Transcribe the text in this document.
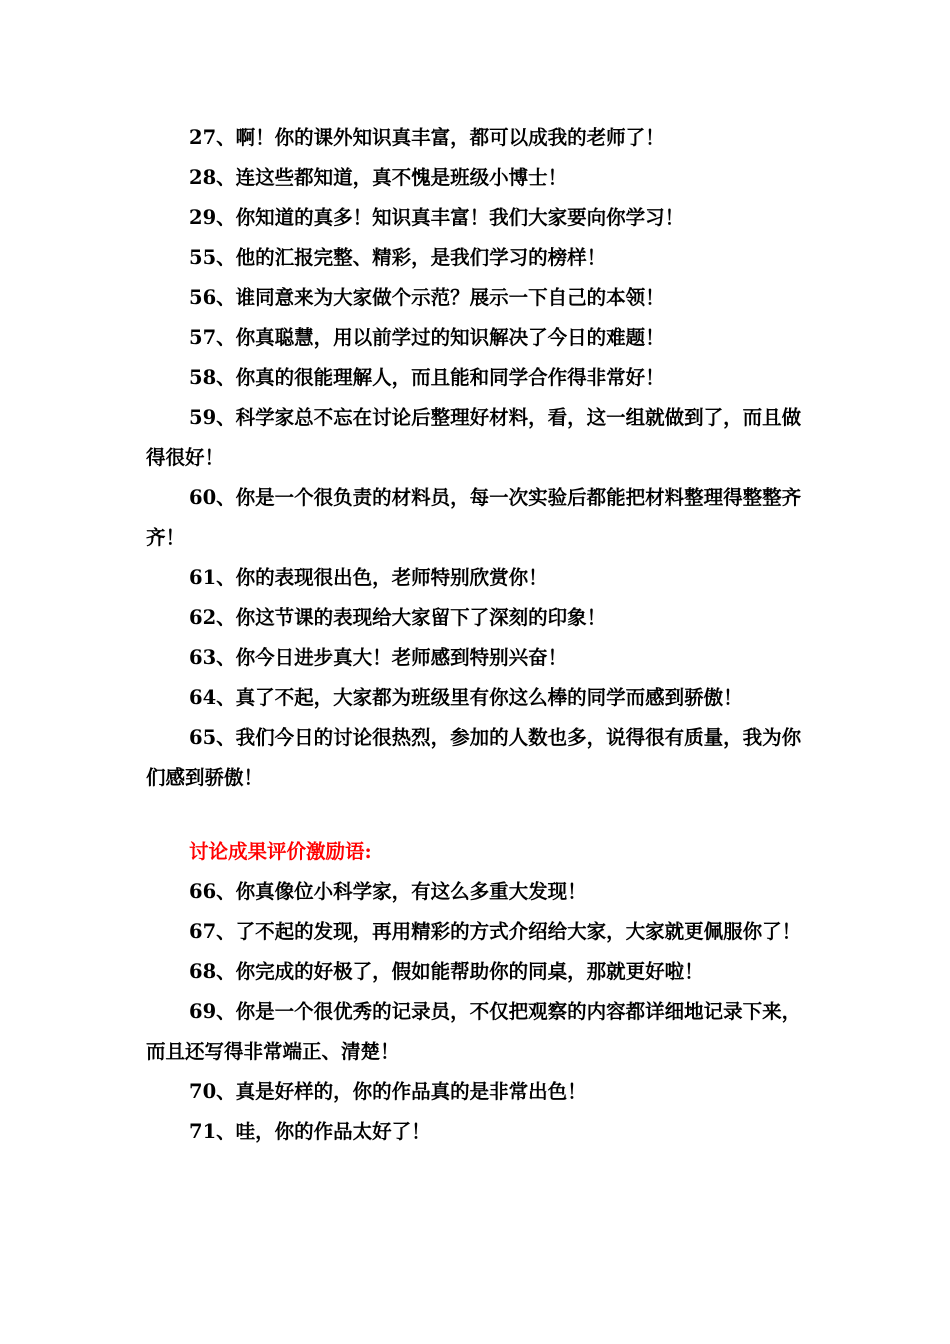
27、啊！你的课外知识真丰富，都可以成我的老师了！

28、连这些都知道，真不愧是班级小博士！

29、你知道的真多！知识真丰富！我们大家要向你学习！

55、他的汇报完整、精彩，是我们学习的榜样！

56、谁同意来为大家做个示范？展示一下自己的本领！

57、你真聪慧，用以前学过的知识解决了今日的难题！

58、你真的很能理解人，而且能和同学合作得非常好！

59、科学家总不忘在讨论后整理好材料，看，这一组就做到了，而且做得很好！

60、你是一个很负责的材料员，每一次实验后都能把材料整理得整整齐齐！

61、你的表现很出色，老师特别欣赏你！

62、你这节课的表现给大家留下了深刻的印象！

63、你今日进步真大！老师感到特别兴奋！

64、真了不起，大家都为班级里有你这么棒的同学而感到骄傲！

65、我们今日的讨论很热烈，参加的人数也多，说得很有质量，我为你们感到骄傲！

讨论成果评价激励语:

66、你真像位小科学家，有这么多重大发现！

67、了不起的发现，再用精彩的方式介绍给大家，大家就更佩服你了！

68、你完成的好极了，假如能帮助你的同桌，那就更好啦！

69、你是一个很优秀的记录员，不仅把观察的内容都详细地记录下来，而且还写得非常端正、清楚！

70、真是好样的，你的作品真的是非常出色！

71、哇，你的作品太好了！
